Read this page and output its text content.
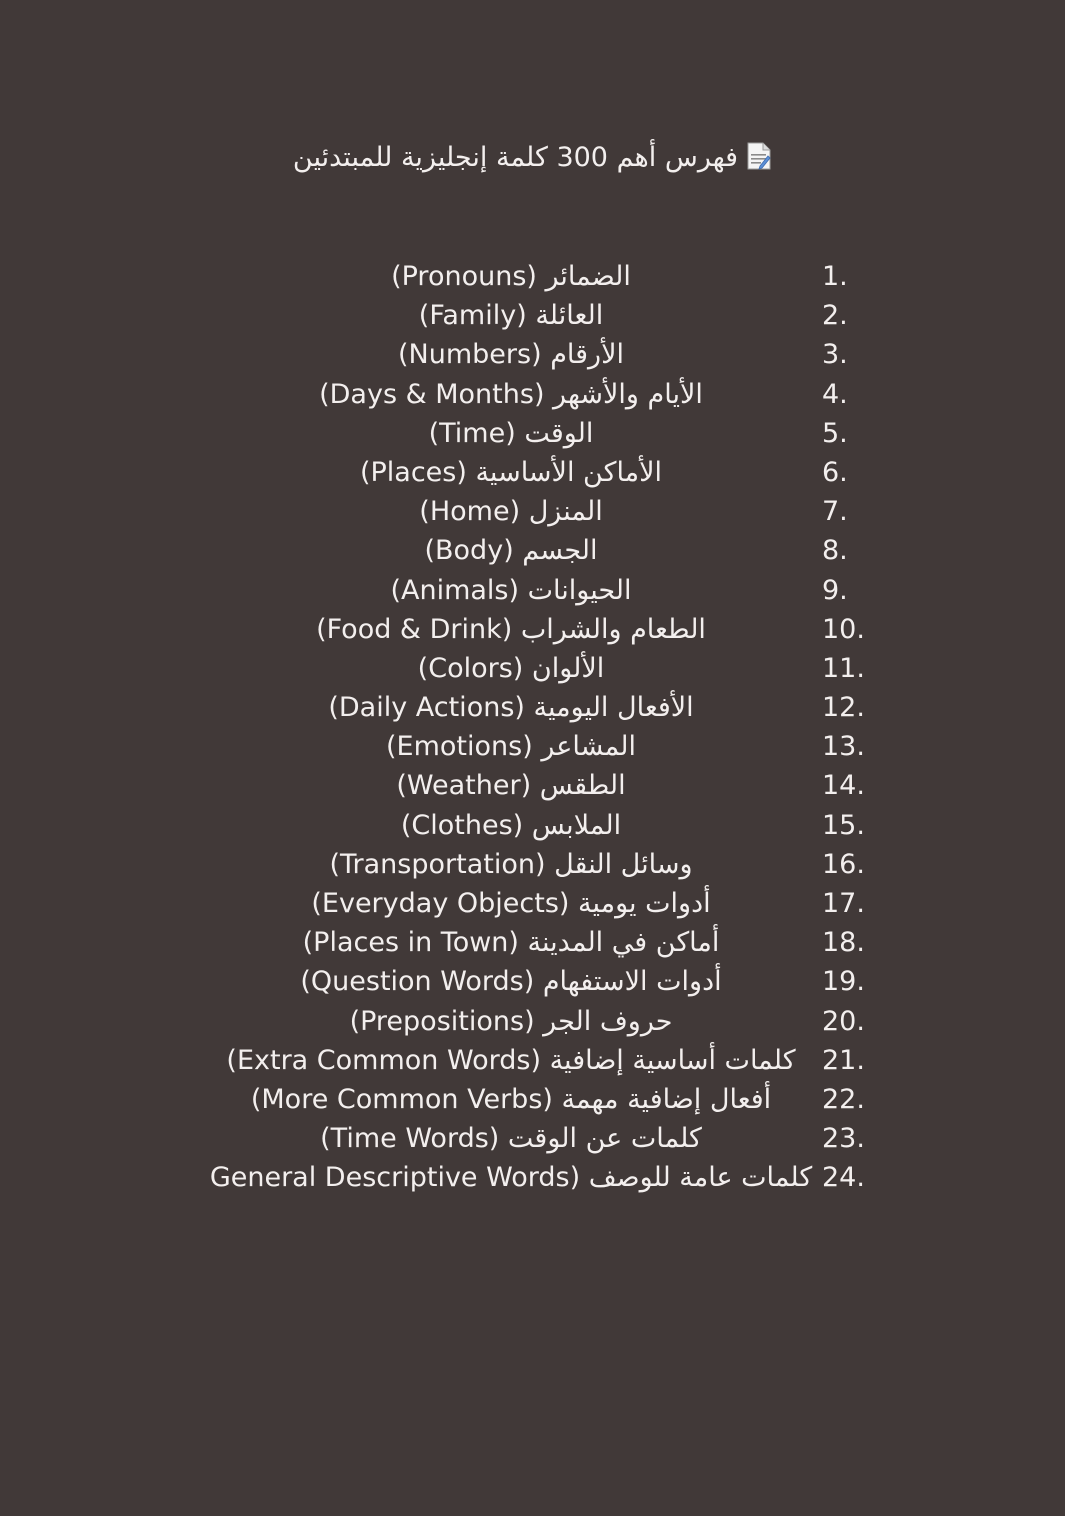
فهرس أهم 300 كلمة إنجليزية للمبتدئين
الضمائر (Pronouns)	1.
العائلة (Family)	2.
الأرقام (Numbers)	3.
الأيام والأشهر (Days & Months)	4.
الوقت (Time)	5.
الأماكن الأساسية (Places)	6.
المنزل (Home)	7.
الجسم (Body)	8.
الحيوانات (Animals)	9.
الطعام والشراب (Food & Drink)	10.
الألوان (Colors)	11.
الأفعال اليومية (Daily Actions)	12.
المشاعر (Emotions)	13.
الطقس (Weather)	14.
الملابس (Clothes)	15.
وسائل النقل (Transportation)	16.
أدوات يومية (Everyday Objects)	17.
أماكن في المدينة (Places in Town)	18.
أدوات الاستفهام (Question Words)	19.
حروف الجر (Prepositions)	20.
كلمات أساسية إضافية (Extra Common Words) 21.
أفعال إضافية مهمة (More Common Verbs)	22.
كلمات عن الوقت (Time Words)	23.
كلمات عامة للوصف (General Descriptive Words 24.
